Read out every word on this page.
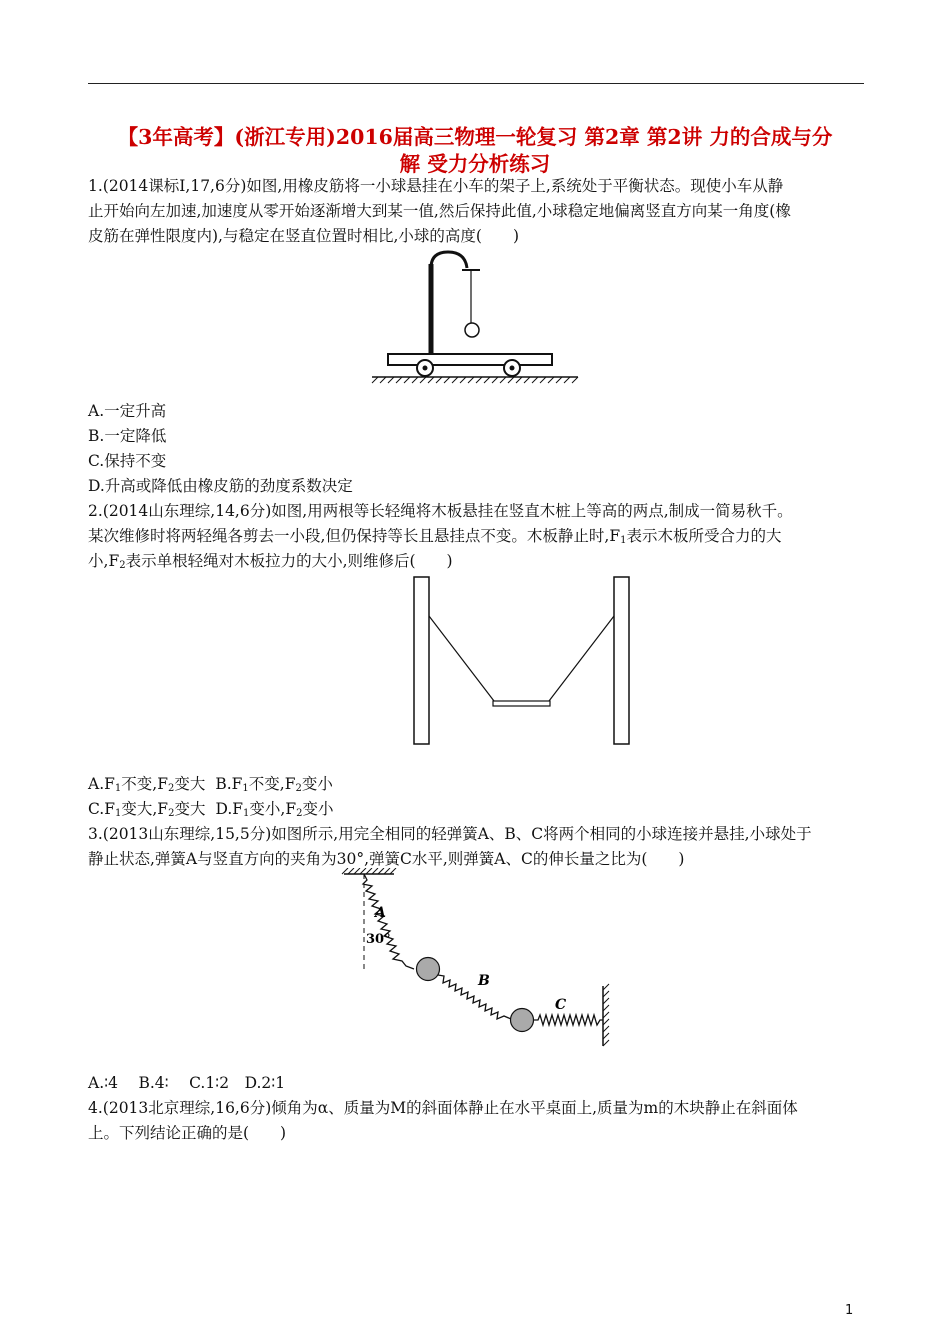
【3年高考】(浙江专用)2016届高三物理一轮复习 第2章 第2讲 力的合成与分
解 受力分析练习
1.(2014课标Ⅰ,17,6分)如图,用橡皮筋将一小球悬挂在小车的架子上,系统处于平衡状态。现使小车从静
止开始向左加速,加速度从零开始逐渐增大到某一值,然后保持此值,小球稳定地偏离竖直方向某一角度(橡
皮筋在弹性限度内),与稳定在竖直位置时相比,小球的高度(　　)
A.一定升高
B.一定降低
C.保持不变
D.升高或降低由橡皮筋的劲度系数决定
2.(2014山东理综,14,6分)如图,用两根等长轻绳将木板悬挂在竖直木桩上等高的两点,制成一简易秋千。
某次维修时将两轻绳各剪去一小段,但仍保持等长且悬挂点不变。木板静止时$,F_1$表示木板所受合力的大
小$,F_2$表示单根轻绳对木板拉力的大小,则维修后(　　)
$A.F_1$不变$,F_2$变大 $B.F_1$不变$,F_2$变小
$C.F_1$变大$,F_2$变大 $D.F_1$变小$,F_2$变小
3.(2013山东理综,15,5分)如图所示,用完全相同的轻弹簧A、B、C将两个相同的小球连接并悬挂,小球处于
静止状态,弹簧A与竖直方向的夹角为30°,弹簧C水平,则弹簧A、C的伸长量之比为(　　)
A
30°
B
C
A.∶4　 B.4∶　 C.1∶2　D.2∶1
4.(2013北京理综,16,6分)倾角为α、质量为M的斜面体静止在水平桌面上,质量为m的木块静止在斜面体
上。下列结论正确的是(　　)
1
